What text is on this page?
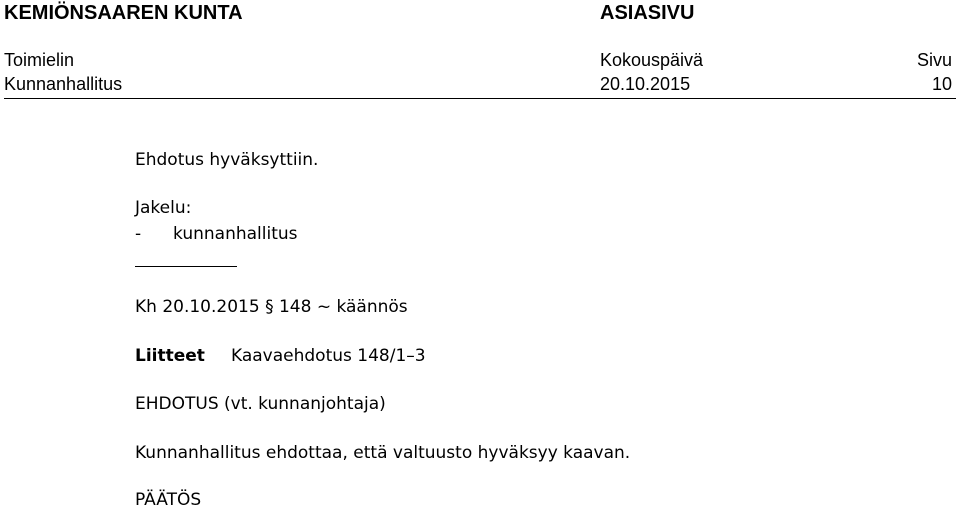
KEMIÖNSAAREN KUNTA	ASIASIVU
Toimielin	Kokouspäivä	Sivu
Kunnanhallitus	20.10.2015	10
Ehdotus hyväksyttiin.
Jakelu:
- kunnanhallitus
Kh 20.10.2015 § 148 ~ käännös
Liitteet Kaavaehdotus 148/1–3
EHDOTUS (vt. kunnanjohtaja)
Kunnanhallitus ehdottaa, että valtuusto hyväksyy kaavan.
PÄÄTÖS
